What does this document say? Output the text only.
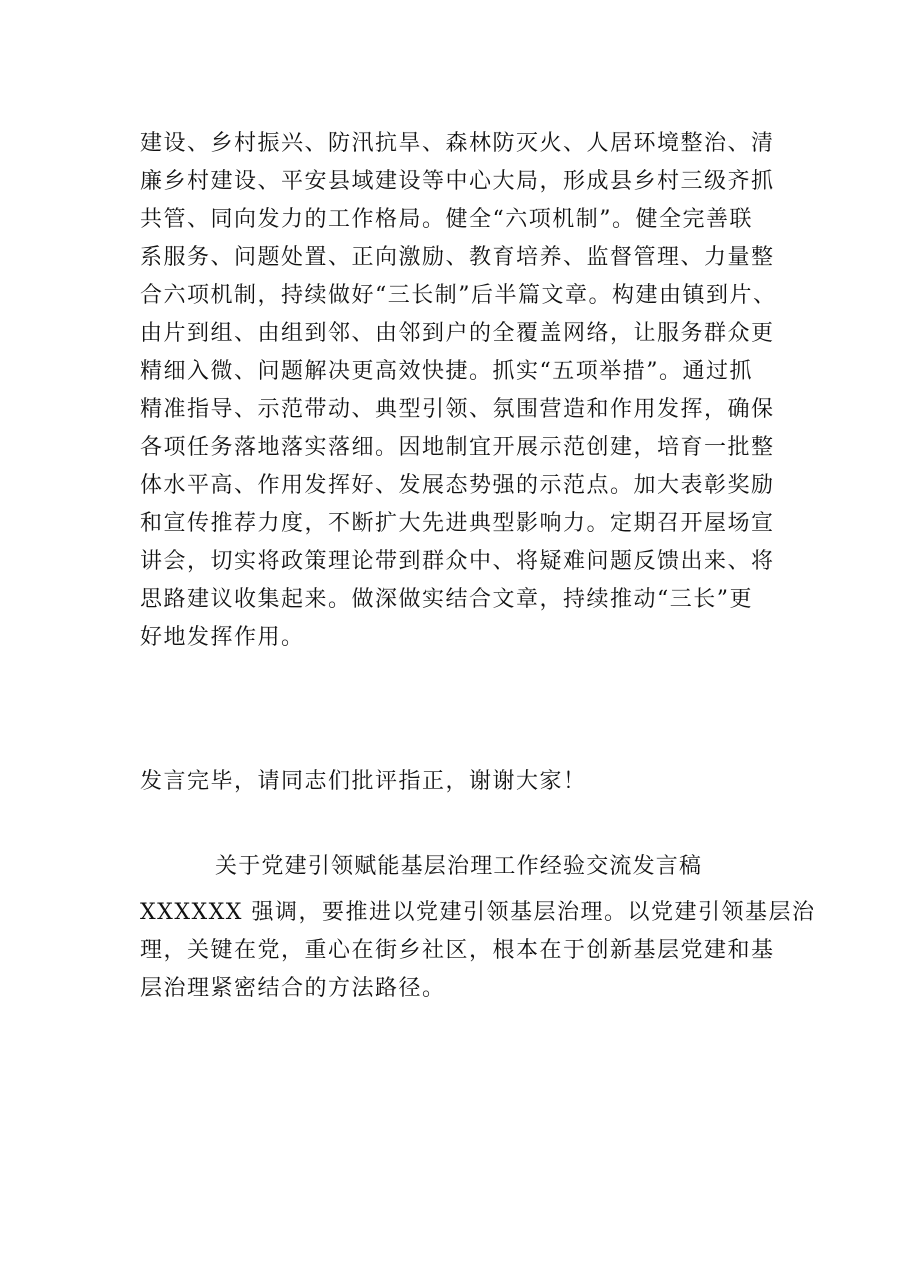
建设、乡村振兴、防汛抗旱、森林防灭火、人居环境整治、清
廉乡村建设、平安县域建设等中心大局，形成县乡村三级齐抓
共管、同向发力的工作格局。健全“六项机制”。健全完善联
系服务、问题处置、正向激励、教育培养、监督管理、力量整
合六项机制，持续做好“三长制”后半篇文章。构建由镇到片、
由片到组、由组到邻、由邻到户的全覆盖网络，让服务群众更
精细入微、问题解决更高效快捷。抓实“五项举措”。通过抓
精准指导、示范带动、典型引领、氛围营造和作用发挥，确保
各项任务落地落实落细。因地制宜开展示范创建，培育一批整
体水平高、作用发挥好、发展态势强的示范点。加大表彰奖励
和宣传推荐力度，不断扩大先进典型影响力。定期召开屋场宣
讲会，切实将政策理论带到群众中、将疑难问题反馈出来、将
思路建议收集起来。做深做实结合文章，持续推动“三长”更
好地发挥作用。
发言完毕，请同志们批评指正，谢谢大家！
关于党建引领赋能基层治理工作经验交流发言稿
XXXXXX 强调，要推进以党建引领基层治理。以党建引领基层治
理，关键在党，重心在街乡社区，根本在于创新基层党建和基
层治理紧密结合的方法路径。
